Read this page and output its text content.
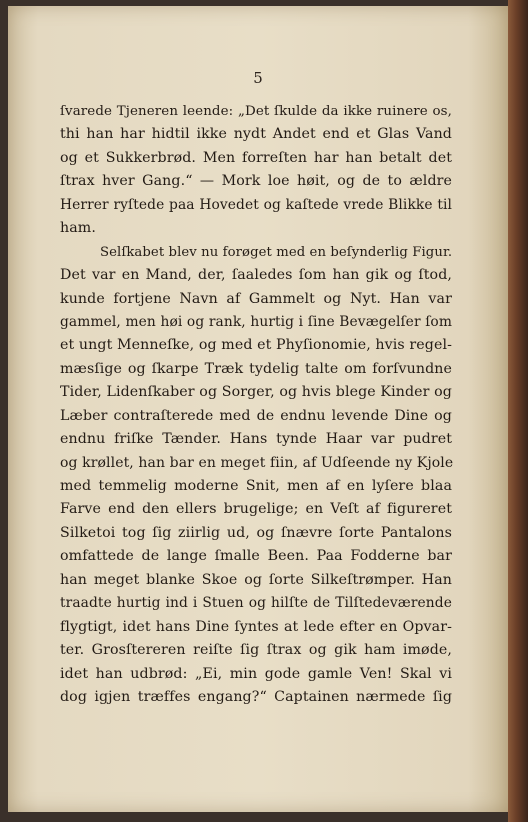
5
ſvarede Tjeneren leende: „Det ſkulde da ikke ruinere os,
thi han har hidtil ikke nydt Andet end et Glas Vand
og et Sukkerbrød. Men forreſten har han betalt det
ſtrax hver Gang.“ — Mork loe høit, og de to ældre
Herrer ryſtede paa Hovedet og kaſtede vrede Blikke til
ham.
Selſkabet blev nu forøget med en beſynderlig Figur.
Det var en Mand, der, ſaaledes ſom han gik og ſtod,
kunde fortjene Navn af Gammelt og Nyt. Han var
gammel, men høi og rank, hurtig i ſine Bevægelſer ſom
et ungt Menneſke, og med et Phyſionomie, hvis regel-
mæsſige og ſkarpe Træk tydelig talte om forſvundne
Tider, Lidenſkaber og Sorger, og hvis blege Kinder og
Læber contraſterede med de endnu levende Dine og
endnu friſke Tænder. Hans tynde Haar var pudret
og krøllet, han bar en meget fiin, af Udſeende ny Kjole
med temmelig moderne Snit, men af en lyſere blaa
Farve end den ellers brugelige; en Veſt af figureret
Silketoi tog ſig ziirlig ud, og ſnævre ſorte Pantalons
omfattede de lange ſmalle Been. Paa Fodderne bar
han meget blanke Skoe og ſorte Silkeſtrømper. Han
traadte hurtig ind i Stuen og hilſte de Tilſtedeværende
flygtigt, idet hans Dine ſyntes at lede efter en Opvar-
ter. Grosſtereren reiſte ſig ſtrax og gik ham imøde,
idet han udbrød: „Ei, min gode gamle Ven! Skal vi
dog igjen træffes engang?“ Captainen nærmede ſig
